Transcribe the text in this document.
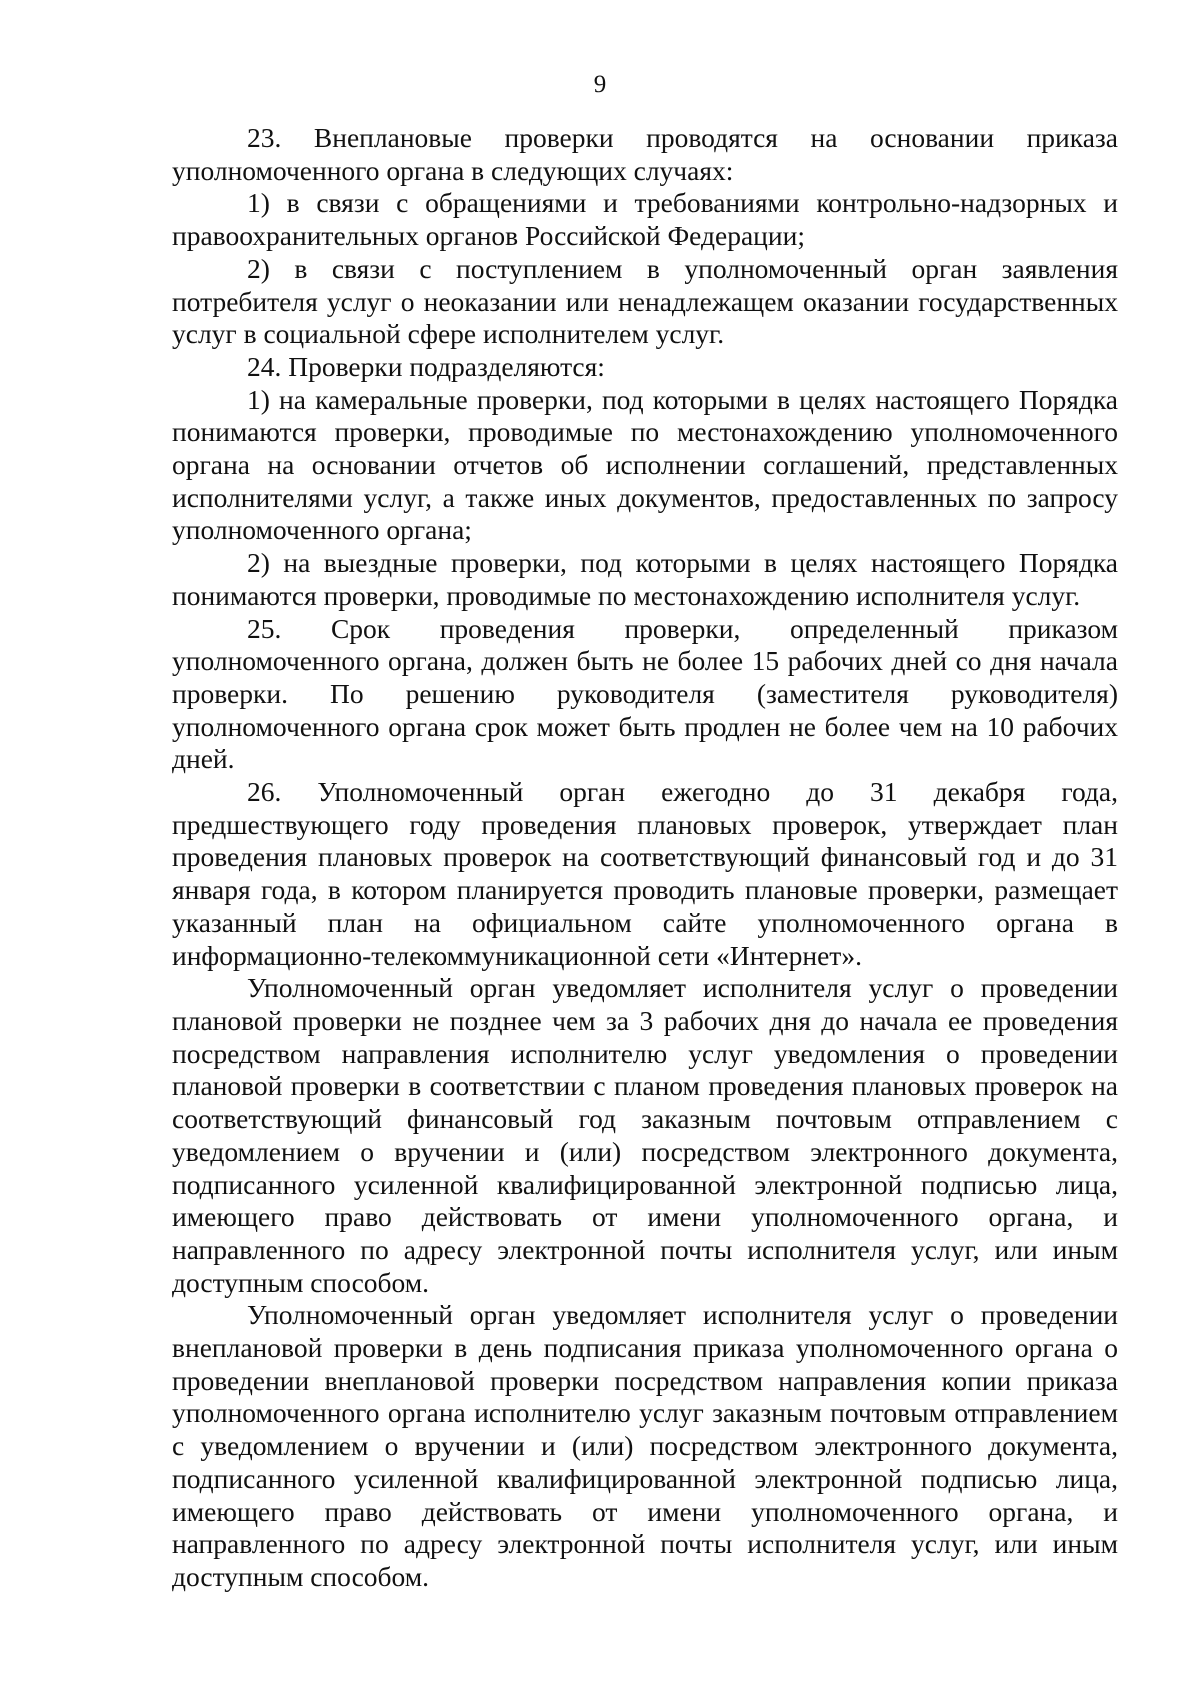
9

23. Внеплановые проверки проводятся на основании приказа уполномоченного органа в следующих случаях:

1) в связи с обращениями и требованиями контрольно-надзорных и правоохранительных органов Российской Федерации;

2) в связи с поступлением в уполномоченный орган заявления потребителя услуг о неоказании или ненадлежащем оказании государственных услуг в социальной сфере исполнителем услуг.

24. Проверки подразделяются:

1) на камеральные проверки, под которыми в целях настоящего Порядка понимаются проверки, проводимые по местонахождению уполномоченного органа на основании отчетов об исполнении соглашений, представленных исполнителями услуг, а также иных документов, предоставленных по запросу уполномоченного органа;

2) на выездные проверки, под которыми в целях настоящего Порядка понимаются проверки, проводимые по местонахождению исполнителя услуг.

25. Срок проведения проверки, определенный приказом уполномоченного органа, должен быть не более 15 рабочих дней со дня начала проверки. По решению руководителя (заместителя руководителя) уполномоченного органа срок может быть продлен не более чем на 10 рабочих дней.

26. Уполномоченный орган ежегодно до 31 декабря года, предшествующего году проведения плановых проверок, утверждает план проведения плановых проверок на соответствующий финансовый год и до 31 января года, в котором планируется проводить плановые проверки, размещает указанный план на официальном сайте уполномоченного органа в информационно-телекоммуникационной сети «Интернет».

Уполномоченный орган уведомляет исполнителя услуг о проведении плановой проверки не позднее чем за 3 рабочих дня до начала ее проведения посредством направления исполнителю услуг уведомления о проведении плановой проверки в соответствии с планом проведения плановых проверок на соответствующий финансовый год заказным почтовым отправлением с уведомлением о вручении и (или) посредством электронного документа, подписанного усиленной квалифицированной электронной подписью лица, имеющего право действовать от имени уполномоченного органа, и направленного по адресу электронной почты исполнителя услуг, или иным доступным способом.

Уполномоченный орган уведомляет исполнителя услуг о проведении внеплановой проверки в день подписания приказа уполномоченного органа о проведении внеплановой проверки посредством направления копии приказа уполномоченного органа исполнителю услуг заказным почтовым отправлением с уведомлением о вручении и (или) посредством электронного документа, подписанного усиленной квалифицированной электронной подписью лица, имеющего право действовать от имени уполномоченного органа, и направленного по адресу электронной почты исполнителя услуг, или иным доступным способом.
